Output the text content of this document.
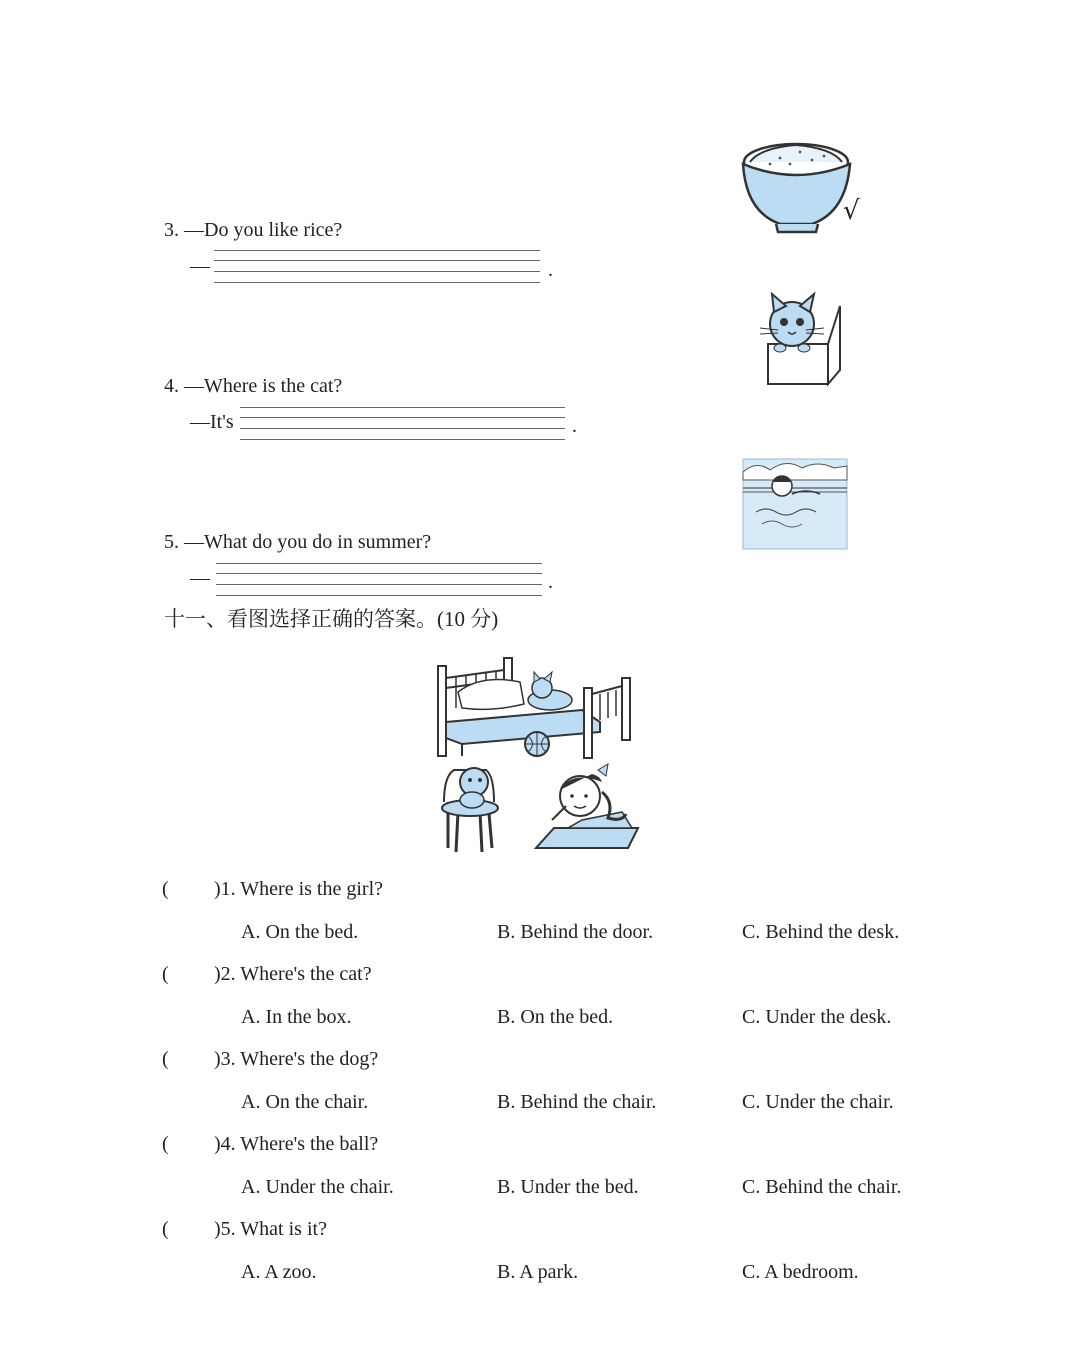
3. —Do you like rice?
—	.
√
4. —Where is the cat?
—It's	.
5. —What do you do in summer?
—	.
十一、看图选择正确的答案。(10 分)
( )1. Where is the girl?
A. On the bed.	B. Behind the door.	C. Behind the desk.
( )2. Where's the cat?
A. In the box.	B. On the bed.	C. Under the desk.
( )3. Where's the dog?
A. On the chair.	B. Behind the chair.	C. Under the chair.
( )4. Where's the ball?
A. Under the chair.	B. Under the bed.	C. Behind the chair.
( )5. What is it?
A. A zoo.	B. A park.	C. A bedroom.
